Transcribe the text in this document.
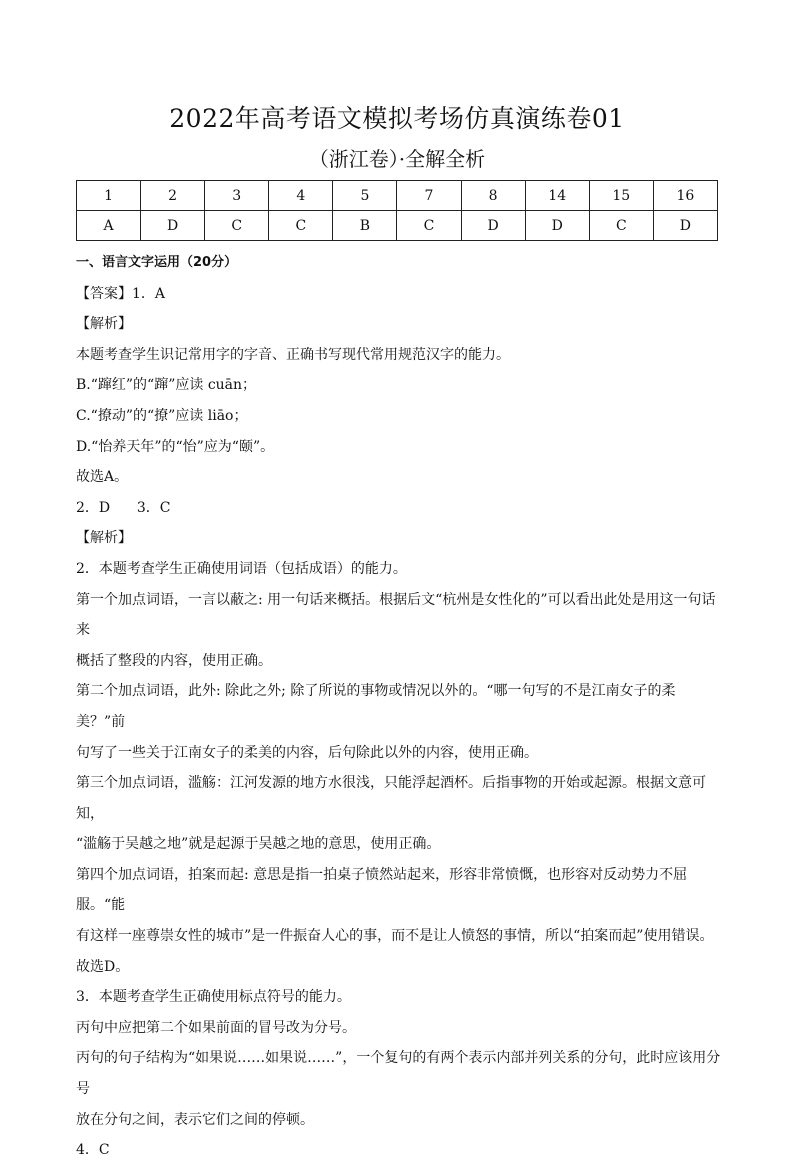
2022年高考语文模拟考场仿真演练卷01
（浙江卷）·全解全析
1	2	3	4	5	7	8	14	15	16
A	D	C	C	B	C	D	D	C	D

一、语言文字运用（20分）

【答案】1．A

【解析】

本题考查学生识记常用字的字音、正确书写现代常用规范汉字的能力。

B.“蹿红”的“蹿”应读 cuān；

C.“撩动”的“撩”应读 liāo；

D.“怡养天年”的“怡”应为“颐”。

故选A。

2．D      3．C

【解析】

2．本题考查学生正确使用词语（包括成语）的能力。

第一个加点词语，一言以蔽之: 用一句话来概括。根据后文“杭州是女性化的”可以看出此处是用这一句话来

概括了整段的内容，使用正确。

第二个加点词语，此外: 除此之外; 除了所说的事物或情况以外的。“哪一句写的不是江南女子的柔美？”前

句写了一些关于江南女子的柔美的内容，后句除此以外的内容，使用正确。

第三个加点词语，滥觞：江河发源的地方水很浅，只能浮起酒杯。后指事物的开始或起源。根据文意可知，

“滥觞于吴越之地”就是起源于吴越之地的意思，使用正确。

第四个加点词语，拍案而起: 意思是指一拍桌子愤然站起来，形容非常愤慨，也形容对反动势力不屈服。“能

有这样一座尊崇女性的城市”是一件振奋人心的事，而不是让人愤怒的事情，所以“拍案而起”使用错误。

故选D。

3．本题考查学生正确使用标点符号的能力。

丙句中应把第二个如果前面的冒号改为分号。

丙句的句子结构为“如果说……如果说……”，一个复句的有两个表示内部并列关系的分句，此时应该用分号

放在分句之间，表示它们之间的停顿。

4．C
